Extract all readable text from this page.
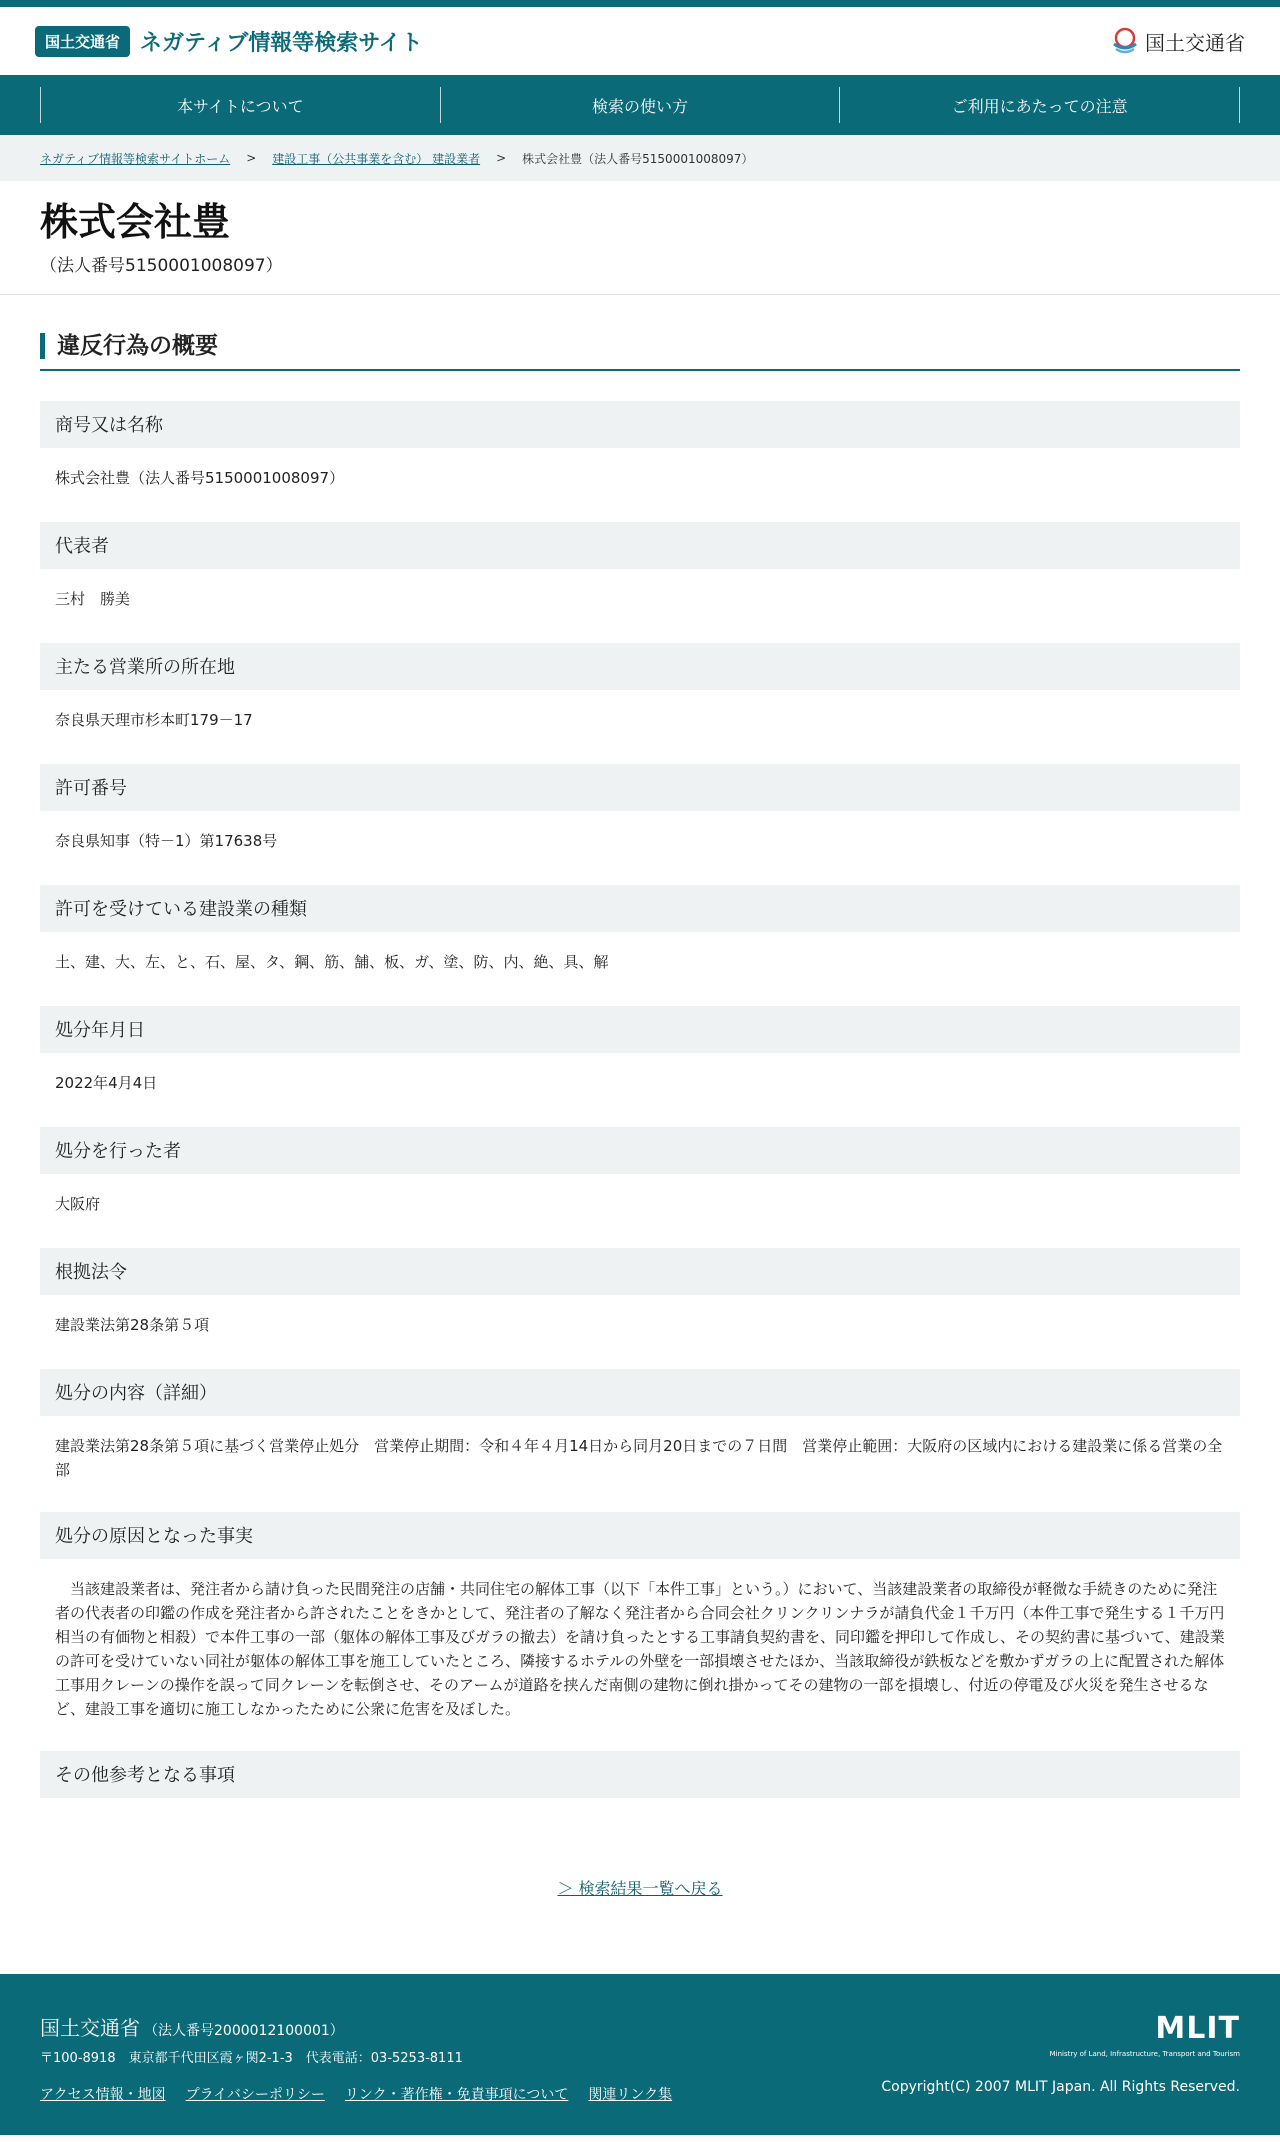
国土交通省 ネガティブ情報等検索サイト	国土交通省
本サイトについて	検索の使い方	ご利用にあたっての注意
ネガティブ情報等検索サイトホーム > 建設工事（公共事業を含む） 建設業者 > 株式会社豊（法人番号5150001008097）
株式会社豊
（法人番号5150001008097）
違反行為の概要
商号又は名称
株式会社豊（法人番号5150001008097）
代表者
三村　勝美
主たる営業所の所在地
奈良県天理市杉本町179－17
許可番号
奈良県知事（特－1）第17638号
許可を受けている建設業の種類
土、建、大、左、と、石、屋、タ、鋼、筋、舗、板、ガ、塗、防、内、絶、具、解
処分年月日
2022年4月4日
処分を行った者
大阪府
根拠法令
建設業法第28条第５項
処分の内容（詳細）
建設業法第28条第５項に基づく営業停止処分　営業停止期間：令和４年４月14日から同月20日までの７日間　営業停止範囲：大阪府の区域内における建設業に係る営業の全部
処分の原因となった事実
　当該建設業者は、発注者から請け負った民間発注の店舗・共同住宅の解体工事（以下「本件工事」という。）において、当該建設業者の取締役が軽微な手続きのために発注者の代表者の印鑑の作成を発注者から許されたことをきかとして、発注者の了解なく発注者から合同会社クリンクリンナラが請負代金１千万円（本件工事で発生する１千万円相当の有価物と相殺）で本件工事の一部（躯体の解体工事及びガラの撤去）を請け負ったとする工事請負契約書を、同印鑑を押印して作成し、その契約書に基づいて、建設業の許可を受けていない同社が躯体の解体工事を施工していたところ、隣接するホテルの外壁を一部損壊させたほか、当該取締役が鉄板などを敷かずガラの上に配置された解体工事用クレーンの操作を誤って同クレーンを転倒させ、そのアームが道路を挟んだ南側の建物に倒れ掛かってその建物の一部を損壊し、付近の停電及び火災を発生させるなど、建設工事を適切に施工しなかったために公衆に危害を及ぼした。
その他参考となる事項
＞ 検索結果一覧へ戻る
国土交通省 （法人番号2000012100001）
〒100-8918　東京都千代田区霞ヶ関2-1-3　代表電話：03-5253-8111
アクセス情報・地図 プライバシーポリシー リンク・著作権・免責事項について 関連リンク集
MLIT
Ministry of Land, Infrastructure, Transport and Tourism
Copyright(C) 2007 MLIT Japan. All Rights Reserved.
